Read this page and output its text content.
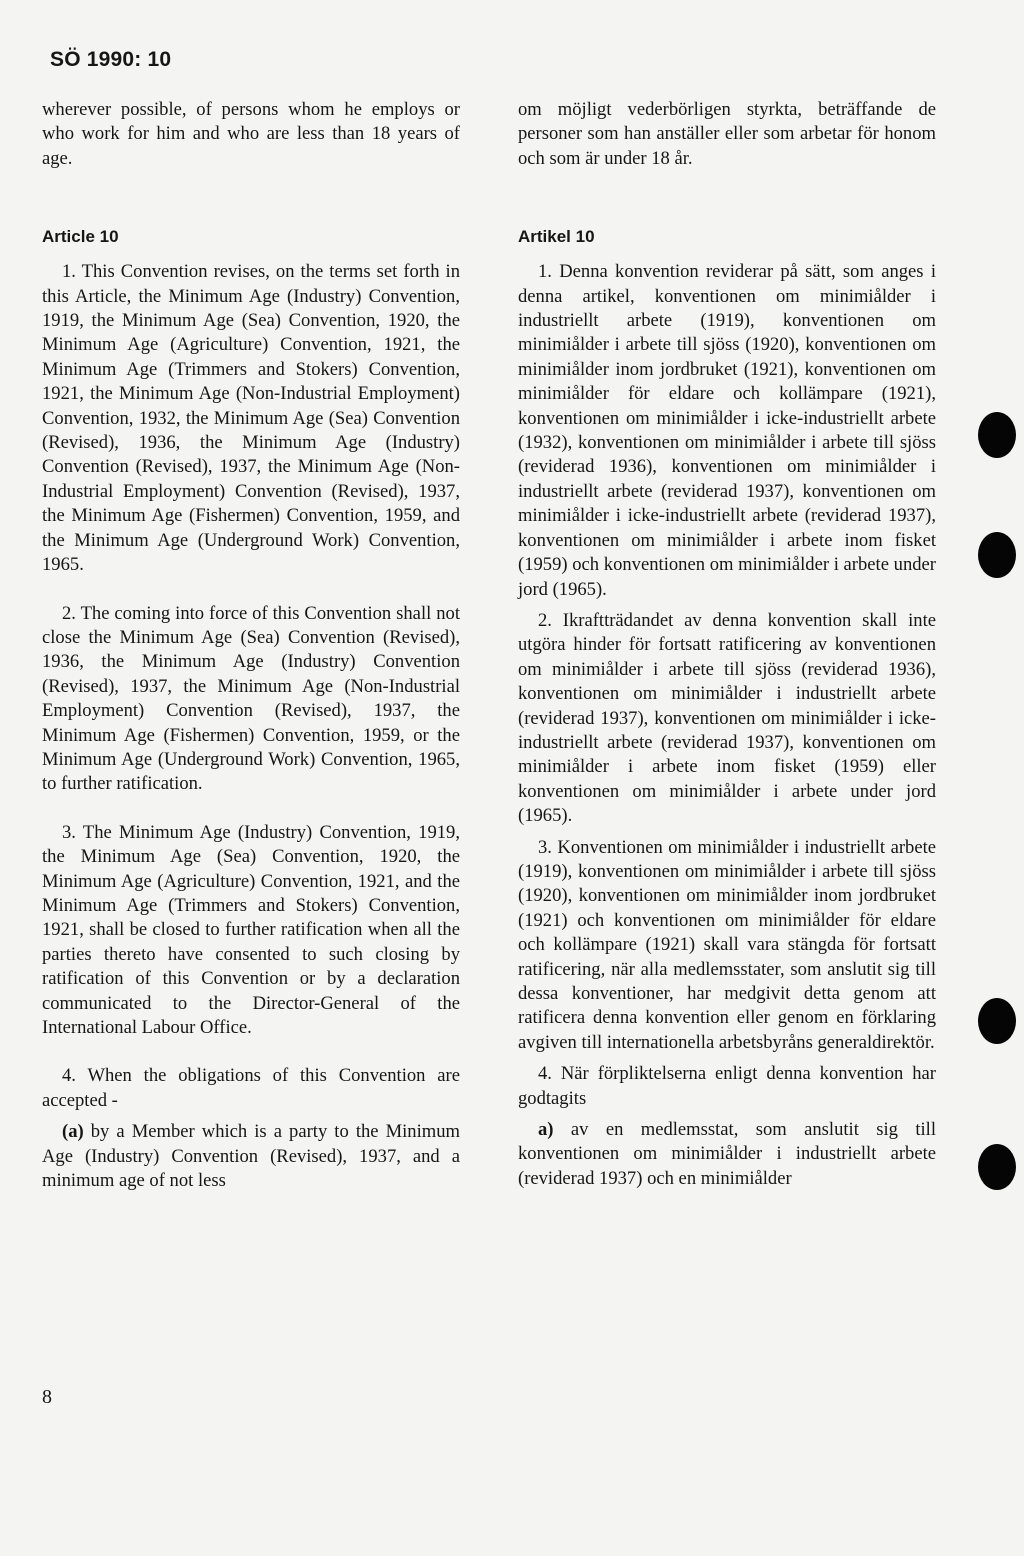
SÖ 1990: 10

wherever possible, of persons whom he employs or who work for him and who are less than 18 years of age.

Article 10

1. This Convention revises, on the terms set forth in this Article, the Minimum Age (Industry) Convention, 1919, the Minimum Age (Sea) Convention, 1920, the Minimum Age (Agriculture) Convention, 1921, the Minimum Age (Trimmers and Stokers) Convention, 1921, the Minimum Age (Non-Industrial Employment) Convention, 1932, the Minimum Age (Sea) Convention (Revised), 1936, the Minimum Age (Industry) Convention (Revised), 1937, the Minimum Age (Non-Industrial Employment) Convention (Revised), 1937, the Minimum Age (Fishermen) Convention, 1959, and the Minimum Age (Underground Work) Convention, 1965.

2. The coming into force of this Convention shall not close the Minimum Age (Sea) Convention (Revised), 1936, the Minimum Age (Industry) Convention (Revised), 1937, the Minimum Age (Non-Industrial Employment) Convention (Revised), 1937, the Minimum Age (Fishermen) Convention, 1959, or the Minimum Age (Underground Work) Convention, 1965, to further ratification.

3. The Minimum Age (Industry) Convention, 1919, the Minimum Age (Sea) Convention, 1920, the Minimum Age (Agriculture) Convention, 1921, and the Minimum Age (Trimmers and Stokers) Convention, 1921, shall be closed to further ratification when all the parties thereto have consented to such closing by ratification of this Convention or by a declaration communicated to the Director-General of the International Labour Office.

4. When the obligations of this Convention are accepted -

(a) by a Member which is a party to the Minimum Age (Industry) Convention (Revised), 1937, and a minimum age of not less

om möjligt vederbörligen styrkta, beträffande de personer som han anställer eller som arbetar för honom och som är under 18 år.

Artikel 10

1. Denna konvention reviderar på sätt, som anges i denna artikel, konventionen om minimiålder i industriellt arbete (1919), konventionen om minimiålder i arbete till sjöss (1920), konventionen om minimiålder inom jordbruket (1921), konventionen om minimiålder för eldare och kollämpare (1921), konventionen om minimiålder i icke-industriellt arbete (1932), konventionen om minimiålder i arbete till sjöss (reviderad 1936), konventionen om minimiålder i industriellt arbete (reviderad 1937), konventionen om minimiålder i icke-industriellt arbete (reviderad 1937), konventionen om minimiålder i arbete inom fisket (1959) och konventionen om minimiålder i arbete under jord (1965).

2. Ikraftträdandet av denna konvention skall inte utgöra hinder för fortsatt ratificering av konventionen om minimiålder i arbete till sjöss (reviderad 1936), konventionen om minimiålder i industriellt arbete (reviderad 1937), konventionen om minimiålder i icke-industriellt arbete (reviderad 1937), konventionen om minimiålder i arbete inom fisket (1959) eller konventionen om minimiålder i arbete under jord (1965).

3. Konventionen om minimiålder i industriellt arbete (1919), konventionen om minimiålder i arbete till sjöss (1920), konventionen om minimiålder inom jordbruket (1921) och konventionen om minimiålder för eldare och kollämpare (1921) skall vara stängda för fortsatt ratificering, när alla medlemsstater, som anslutit sig till dessa konventioner, har medgivit detta genom att ratificera denna konvention eller genom en förklaring avgiven till internationella arbetsbyråns generaldirektör.

4. När förpliktelserna enligt denna konvention har godtagits

a) av en medlemsstat, som anslutit sig till konventionen om minimiålder i industriellt arbete (reviderad 1937) och en minimiålder

8
